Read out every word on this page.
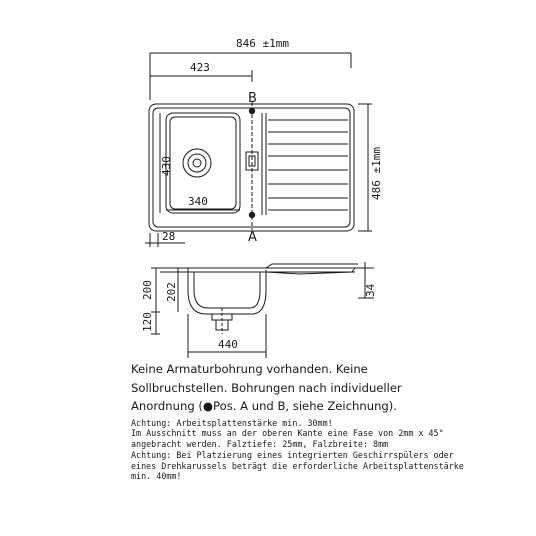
846 ±1mm
423
430
340
486 ±1mm
28
B
A
200
120
202	34
440
Keine Armaturbohrung vorhanden. Keine
Sollbruchstellen. Bohrungen nach individueller
Anordnung (●Pos. A und B, siehe Zeichnung).
Achtung: Arbeitsplattenstärke min. 30mm!
Im Ausschnitt muss an der oberen Kante eine Fase von 2mm x 45°
angebracht werden. Falztiefe: 25mm, Falzbreite: 8mm
Achtung: Bei Platzierung eines integrierten Geschirrspülers oder
eines Drehkarussels beträgt die erforderliche Arbeitsplattenstärke
min. 40mm!
